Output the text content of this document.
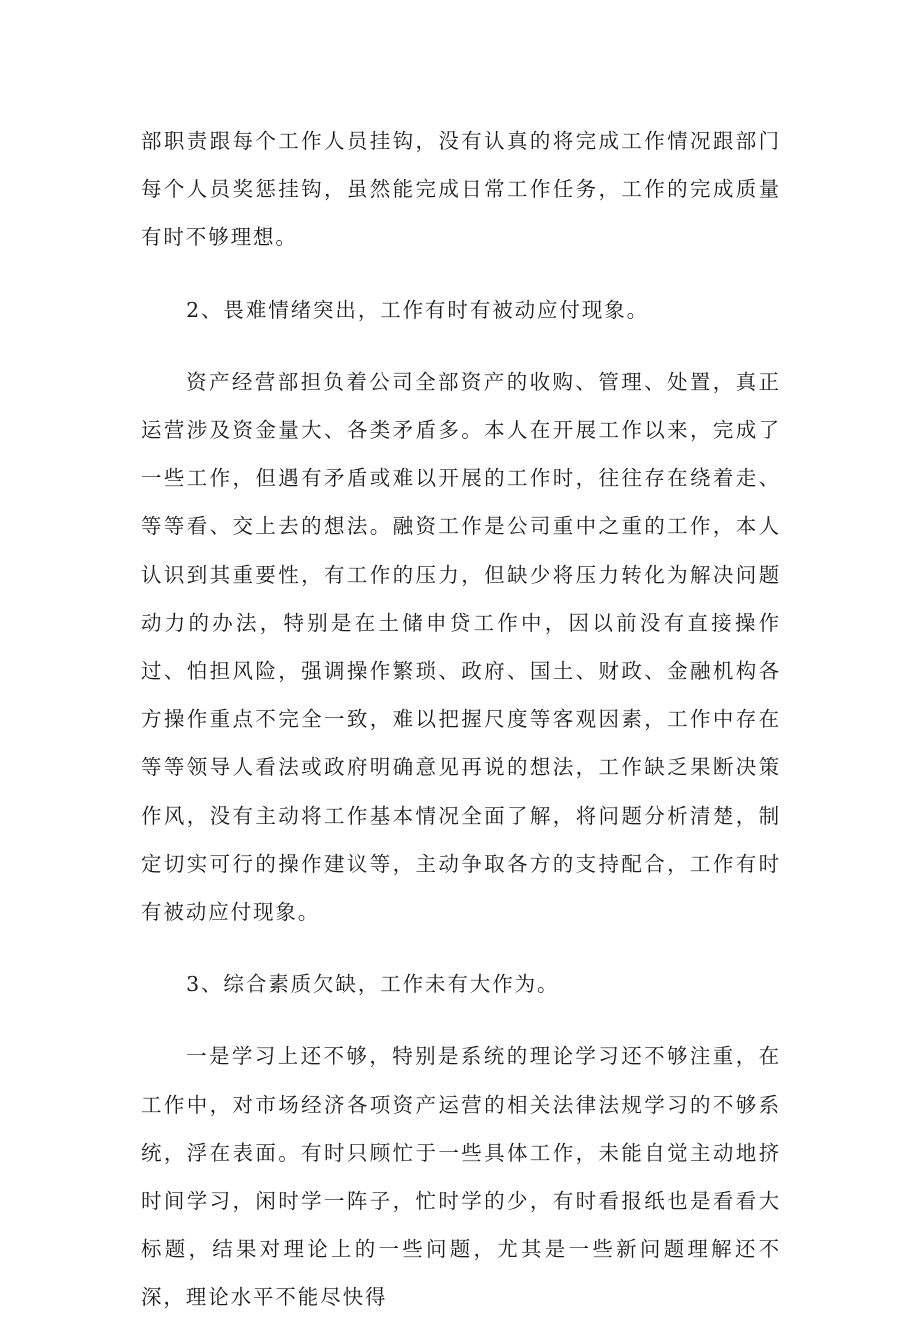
部职责跟每个工作人员挂钩，没有认真的将完成工作情况跟部门每个人员奖惩挂钩，虽然能完成日常工作任务，工作的完成质量有时不够理想。

2、畏难情绪突出，工作有时有被动应付现象。

资产经营部担负着公司全部资产的收购、管理、处置，真正运营涉及资金量大、各类矛盾多。本人在开展工作以来，完成了一些工作，但遇有矛盾或难以开展的工作时，往往存在绕着走、等等看、交上去的想法。融资工作是公司重中之重的工作，本人认识到其重要性，有工作的压力，但缺少将压力转化为解决问题动力的办法，特别是在土储申贷工作中，因以前没有直接操作过、怕担风险，强调操作繁琐、政府、国土、财政、金融机构各方操作重点不完全一致，难以把握尺度等客观因素，工作中存在等等领导人看法或政府明确意见再说的想法，工作缺乏果断决策作风，没有主动将工作基本情况全面了解，将问题分析清楚，制定切实可行的操作建议等，主动争取各方的支持配合，工作有时有被动应付现象。

3、综合素质欠缺，工作未有大作为。

一是学习上还不够，特别是系统的理论学习还不够注重，在工作中，对市场经济各项资产运营的相关法律法规学习的不够系统，浮在表面。有时只顾忙于一些具体工作，未能自觉主动地挤时间学习，闲时学一阵子，忙时学的少，有时看报纸也是看看大标题，结果对理论上的一些问题，尤其是一些新问题理解还不深，理论水平不能尽快得
